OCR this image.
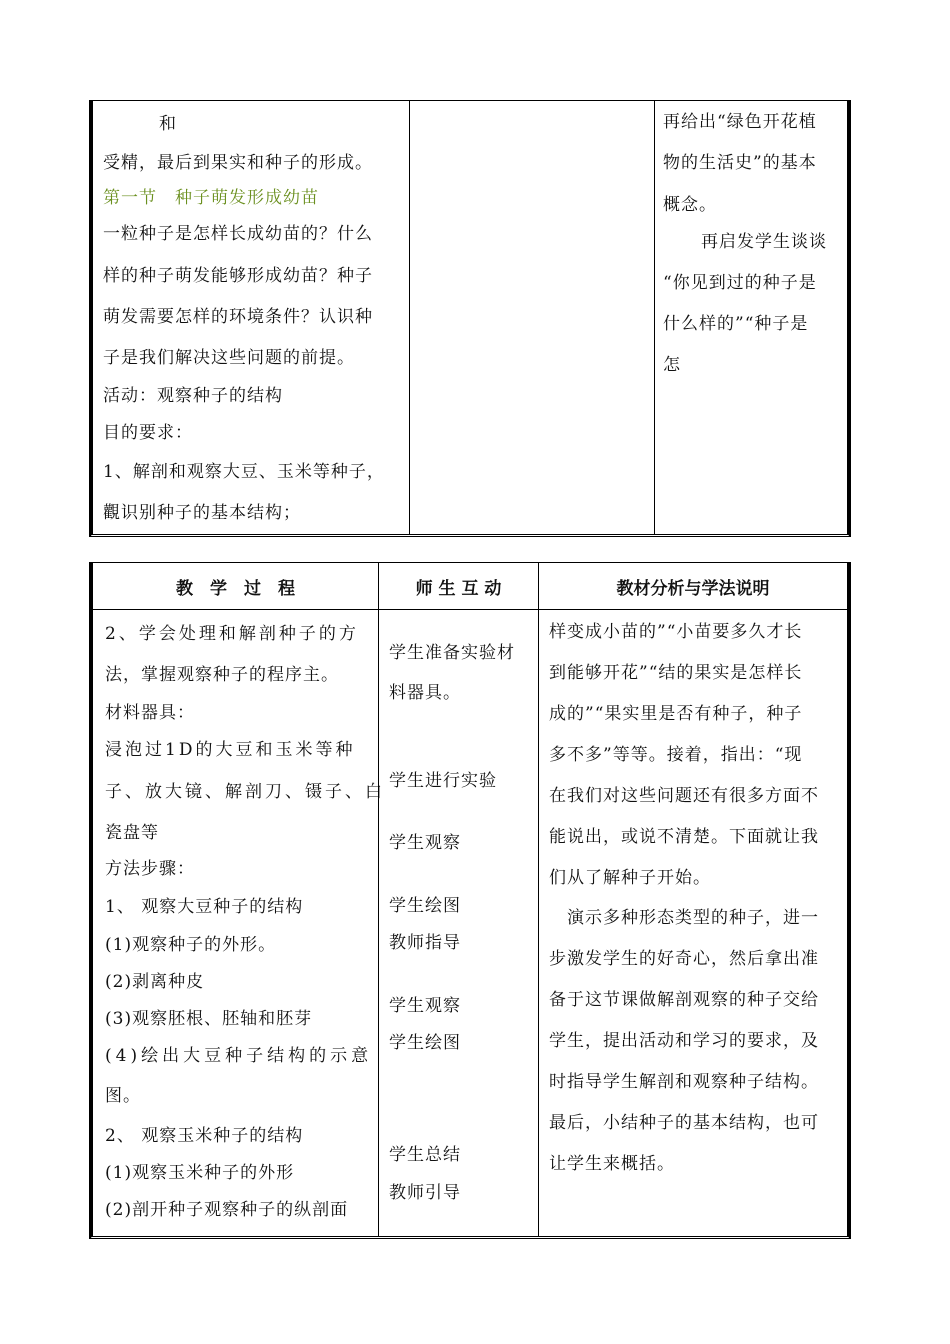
和
受精，最后到果实和种子的形成。
第一节　种子萌发形成幼苗
一粒种子是怎样长成幼苗的？什么
样的种子萌发能够形成幼苗？种子
萌发需要怎样的环境条件？认识种
子是我们解决这些问题的前提。
活动：观察种子的结构
目的要求：
1、解剖和观察大豆、玉米等种子，
觀识别种子的基本结构；
再给出“绿色开花植
物的生活史”的基本
概念。
再启发学生谈谈
“你见到过的种子是
什么样的”“种子是
怎
教　学　过　程
2、学会处理和解剖种子的方
法，掌握观察种子的程序主。
材料器具：
浸泡过1D的大豆和玉米等种
子、放大镜、解剖刀、镊子、白
瓷盘等
方法步骤：
1、 观察大豆种子的结构
(1)观察种子的外形。
(2)剥离种皮
(3)观察胚根、胚轴和胚芽
(4)绘出大豆种子结构的示意
图。
2、 观察玉米种子的结构
(1)观察玉米种子的外形
(2)剖开种子观察种子的纵剖面
师 生 互 动
学生准备实验材
料器具。
学生进行实验
学生观察
学生绘图
教师指导
学生观察
学生绘图
学生总结
教师引导
教材分析与学法说明
样变成小苗的”“小苗要多久才长
到能够开花”“结的果实是怎样长
成的”“果实里是否有种子，种子
多不多”等等。接着，指出：“现
在我们对这些问题还有很多方面不
能说出，或说不清楚。下面就让我
们从了解种子开始。
演示多种形态类型的种子，进一
步激发学生的好奇心，然后拿出准
备于这节课做解剖观察的种子交给
学生，提出活动和学习的要求，及
时指导学生解剖和观察种子结构。
最后，小结种子的基本结构，也可
让学生来概括。
